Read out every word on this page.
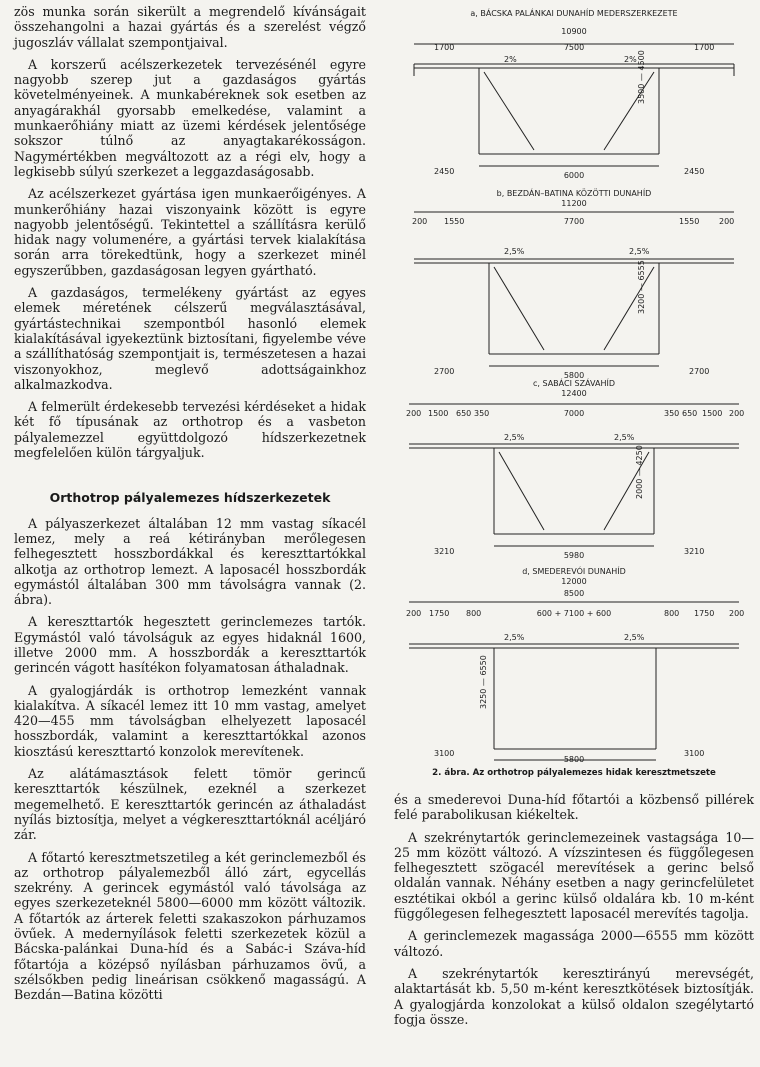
zös munka során sikerült a megrendelő kívánságait összehangolni a hazai gyártás és a szerelést végző jugoszláv vállalat szempontjaival.

A korszerű acélszerkezetek tervezésénél egyre nagyobb szerep jut a gazdaságos gyártás követelményeinek. A munkabéreknek sok esetben az anyagárakhál gyorsabb emelkedése, valamint a munkaerőhiány miatt az üzemi kérdések jelentősége sokszor túlnő az anyagtakarékosságon. Nagymértékben megváltozott az a régi elv, hogy a legkisebb súlyú szerkezet a leggazdaságosabb.

Az acélszerkezet gyártása igen munkaerőigényes. A munkerőhiány hazai viszonyaink között is egyre nagyobb jelentőségű. Tekintettel a szállításra kerülő hidak nagy volumenére, a gyártási tervek kialakítása során arra törekedtünk, hogy a szerkezet minél egyszerűbben, gazdaságosan legyen gyártható.

A gazdaságos, termelékeny gyártást az egyes elemek méretének célszerű megválasztásával, gyártástechnikai szempontból hasonló elemek kialakításával igyekeztünk biztosítani, figyelembe véve a szállíthatóság szempontjait is, természetesen a hazai viszonyokhoz, meglevő adottságainkhoz alkalmazkodva.

A felmerült érdekesebb tervezési kérdéseket a hidak két fő típusának az orthotrop és a vasbeton pályalemezzel együttdolgozó hídszerkezetnek megfelelően külön tárgyaljuk.

Orthotrop pályalemezes hídszerkezetek

A pályaszerkezet általában 12 mm vastag síkacél lemez, mely a reá kétirányban merőlegesen felhegesztett hosszbordákkal és kereszttartókkal alkotja az orthotrop lemezt. A laposacél hosszbordák egymástól általában 300 mm távolságra vannak (2. ábra).

A kereszttartók hegesztett gerinclemezes tartók. Egymástól való távolságuk az egyes hidaknál 1600, illetve 2000 mm. A hosszbordák a kereszttartók gerincén vágott hasítékon folyamatosan áthaladnak.

A gyalogjárdák is orthotrop lemezként vannak kialakítva. A síkacél lemez itt 10 mm vastag, amelyet 420—455 mm távolságban elhelyezett laposacél hosszbordák, valamint a kereszttartókkal azonos kiosztású kereszttartó konzolok merevítenek.

Az alátámasztások felett tömör gerincű kereszttartók készülnek, ezeknél a szerkezet megemelhető. E kereszttartók gerincén az áthaladást nyílás biztosítja, melyet a végkereszttartóknál acéljáró zár.

A főtartó keresztmetszetileg a két gerinclemezből és az orthotrop pályalemezből álló zárt, egycellás szekrény. A gerincek egymástól való távolsága az egyes szerkezeteknél 5800—6000 mm között változik. A főtartók az árterek feletti szakaszokon párhuzamos övűek. A medernyílások feletti szerkezetek közül a Bácska-palánkai Duna-híd és a Sabác-i Száva-híd főtartója a középső nyílásban párhuzamos övű, a szélsőkben pedig lineárisan csökkenő magasságú. A Bezdán—Batina közötti

a, BÁCSKA PALÁNKAI DUNAHÍD MEDERSZERKEZETE
10900
1700	7500	1700
2%	2%
2450	6000	2450
3500 — 4500
b, BEZDÁN–BATINA KÖZÖTTI DUNAHÍD
11200
200 1550	7700	1550 200
2,5%	2,5%
2700	5800	2700
3200 — 6555
c, SABÁCI SZÁVAHÍD
12400
200 1500 650 350	7000	350 650 1500 200
2,5%	2,5%
3210	5980	3210
2000 — 4250
d, SMEDEREVÓI DUNAHÍD
12000
8500
200 1750 800	600 + 7100 + 600	800 1750 200
2,5%	2,5%
3100
5800
3100
3250 — 6550
2. ábra. Az orthotrop pályalemezes hidak keresztmetszete

és a smederevoi Duna-híd főtartói a közbenső pillérek felé parabolikusan kiékeltek.

A szekrénytartók gerinclemezeinek vastagsága 10—25 mm között változó. A vízszintesen és függőlegesen felhegesztett szögacél merevítések a gerinc belső oldalán vannak. Néhány esetben a nagy gerincfelületet esztétikai okból a gerinc külső oldalára kb. 10 m-ként függőlegesen felhegesztett laposacél merevítés tagolja.

A gerinclemezek magassága 2000—6555 mm között változó.

A szekrénytartók keresztirányú merevségét, alaktartását kb. 5,50 m-ként keresztkötések biztosítják. A gyalogjárda konzolokat a külső oldalon szegélytartó fogja össze.
